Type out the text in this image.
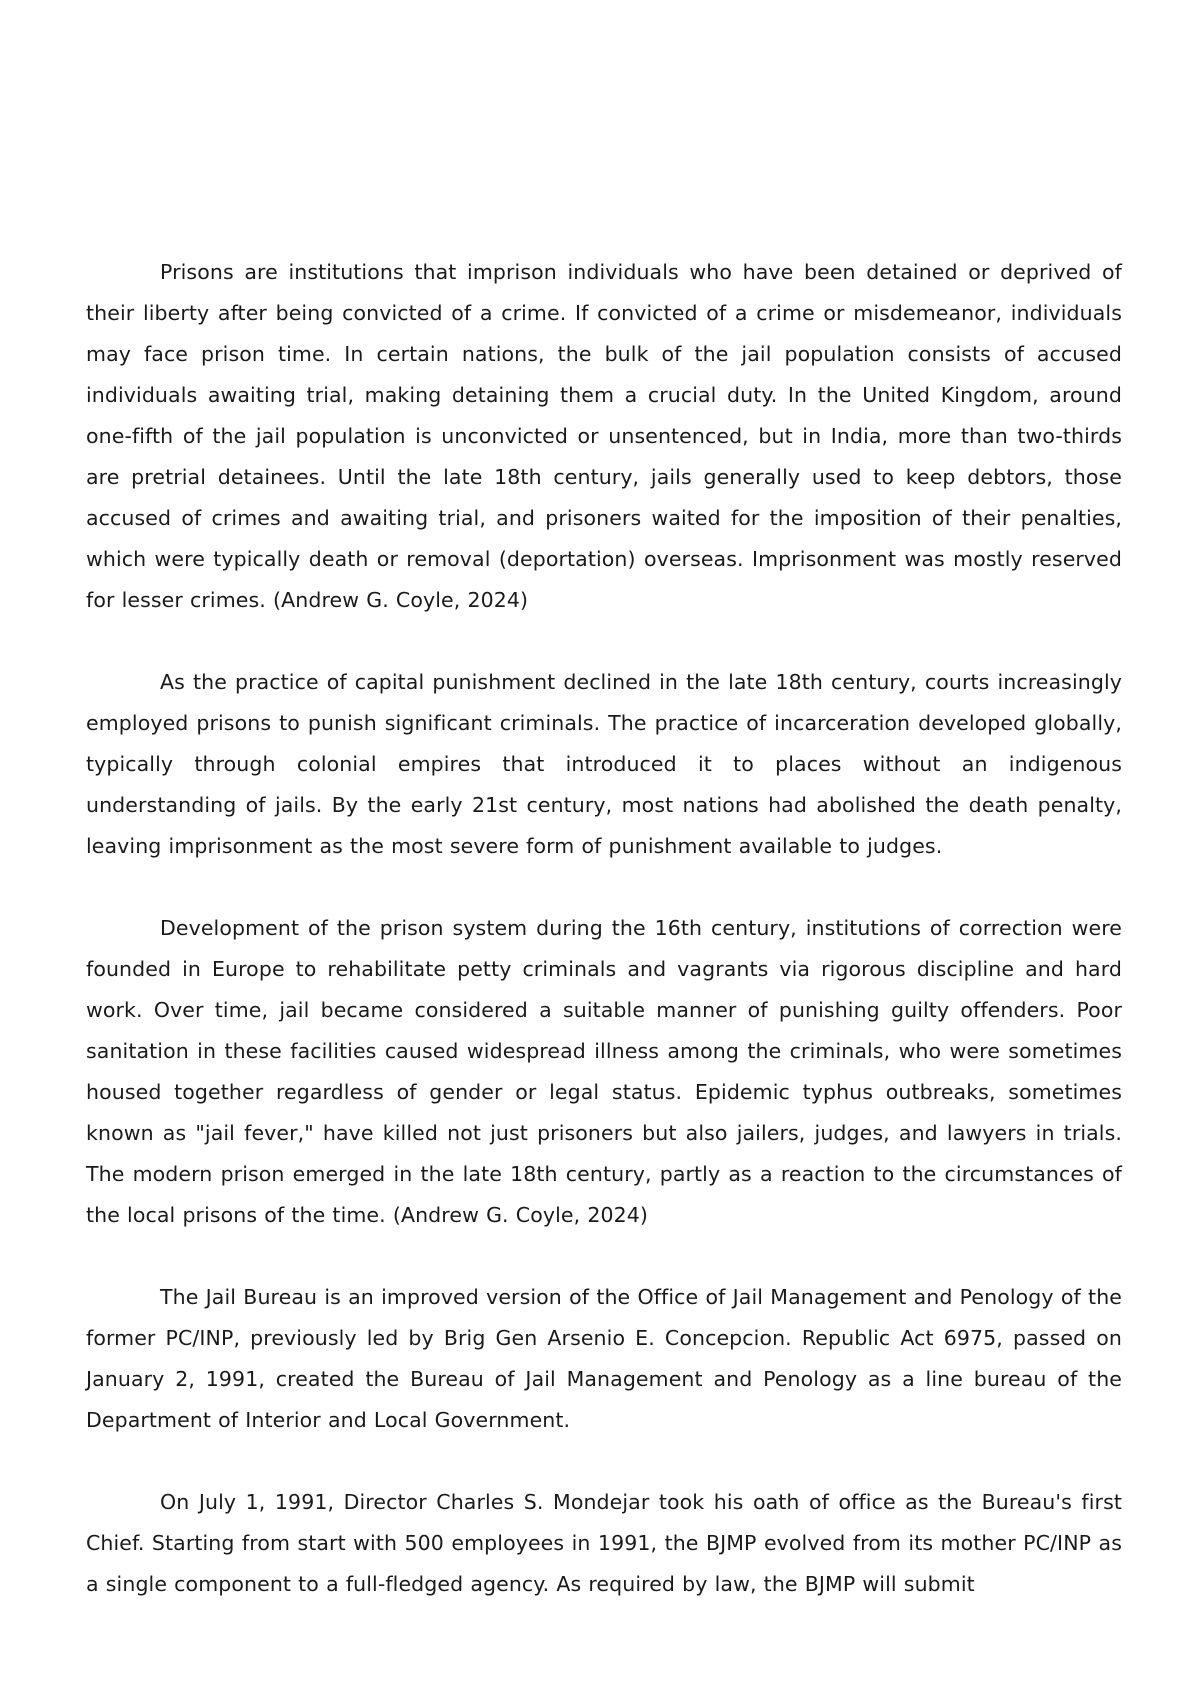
Prisons are institutions that imprison individuals who have been detained or deprived of their liberty after being convicted of a crime. If convicted of a crime or misdemeanor, individuals may face prison time. In certain nations, the bulk of the jail population consists of accused individuals awaiting trial, making detaining them a crucial duty. In the United Kingdom, around one-fifth of the jail population is unconvicted or unsentenced, but in India, more than two-thirds are pretrial detainees. Until the late 18th century, jails generally used to keep debtors, those accused of crimes and awaiting trial, and prisoners waited for the imposition of their penalties, which were typically death or removal (deportation) overseas. Imprisonment was mostly reserved for lesser crimes. (Andrew G. Coyle, 2024)

As the practice of capital punishment declined in the late 18th century, courts increasingly employed prisons to punish significant criminals. The practice of incarceration developed globally, typically through colonial empires that introduced it to places without an indigenous understanding of jails. By the early 21st century, most nations had abolished the death penalty, leaving imprisonment as the most severe form of punishment available to judges.

Development of the prison system during the 16th century, institutions of correction were founded in Europe to rehabilitate petty criminals and vagrants via rigorous discipline and hard work. Over time, jail became considered a suitable manner of punishing guilty offenders. Poor sanitation in these facilities caused widespread illness among the criminals, who were sometimes housed together regardless of gender or legal status. Epidemic typhus outbreaks, sometimes known as "jail fever," have killed not just prisoners but also jailers, judges, and lawyers in trials. The modern prison emerged in the late 18th century, partly as a reaction to the circumstances of the local prisons of the time. (Andrew G. Coyle, 2024)

The Jail Bureau is an improved version of the Office of Jail Management and Penology of the former PC/INP, previously led by Brig Gen Arsenio E. Concepcion. Republic Act 6975, passed on January 2, 1991, created the Bureau of Jail Management and Penology as a line bureau of the Department of Interior and Local Government.

On July 1, 1991, Director Charles S. Mondejar took his oath of office as the Bureau's first Chief. Starting from start with 500 employees in 1991, the BJMP evolved from its mother PC/INP as a single component to a full-fledged agency. As required by law, the BJMP will submit
